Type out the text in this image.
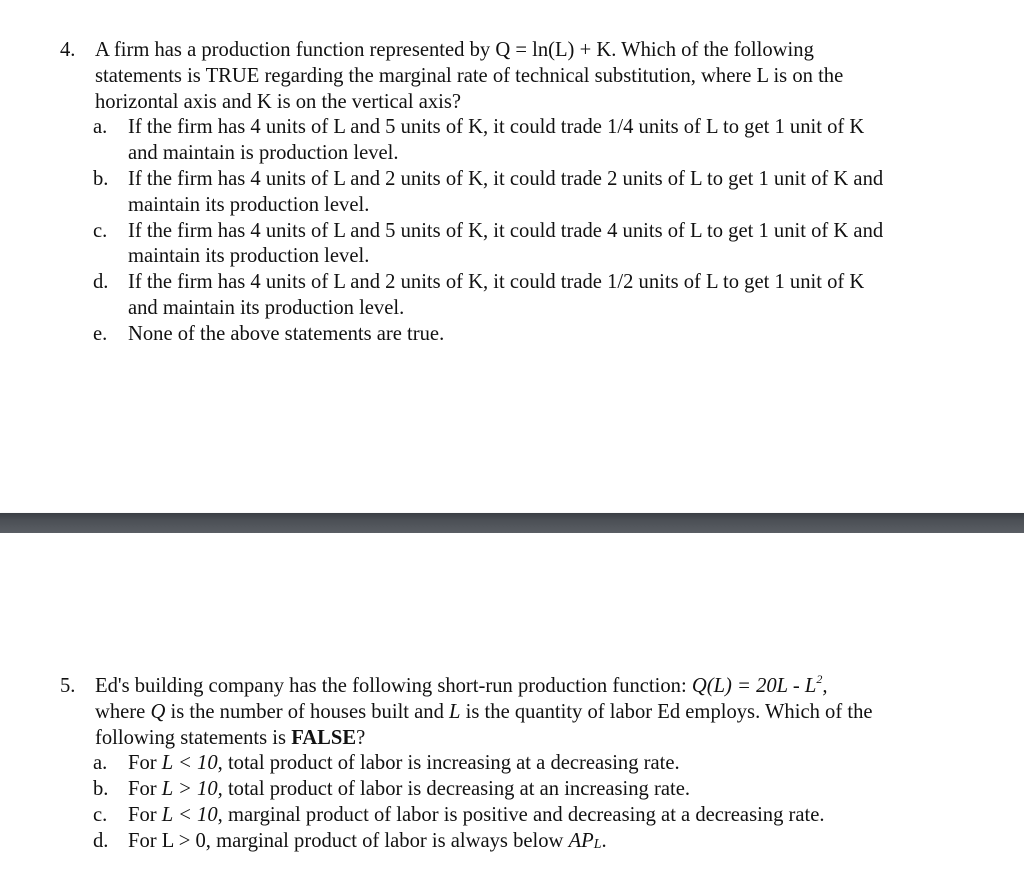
4. A firm has a production function represented by Q = ln(L) + K. Which of the following
statements is TRUE regarding the marginal rate of technical substitution, where L is on the
horizontal axis and K is on the vertical axis?
a.	If the firm has 4 units of L and 5 units of K, it could trade 1/4 units of L to get 1 unit of K
and maintain is production level.
b. If the firm has 4 units of L and 2 units of K, it could trade 2 units of L to get 1 unit of K and
maintain its production level.
c.	If the firm has 4 units of L and 5 units of K, it could trade 4 units of L to get 1 unit of K and
maintain its production level.
d. If the firm has 4 units of L and 2 units of K, it could trade 1/2 units of L to get 1 unit of K
and maintain its production level.
e.	None of the above statements are true.
5. Ed's building company has the following short-run production function: $Q(L) = 20L - L^2$,
where Q is the number of houses built and L is the quantity of labor Ed employs. Which of the
following statements is FALSE?
a.	For L < 10, total product of labor is increasing at a decreasing rate.
b. For L > 10, total product of labor is decreasing at an increasing rate.
c.	For L < 10, marginal product of labor is positive and decreasing at a decreasing rate.
d. For L > 0, marginal product of labor is always below APL.
